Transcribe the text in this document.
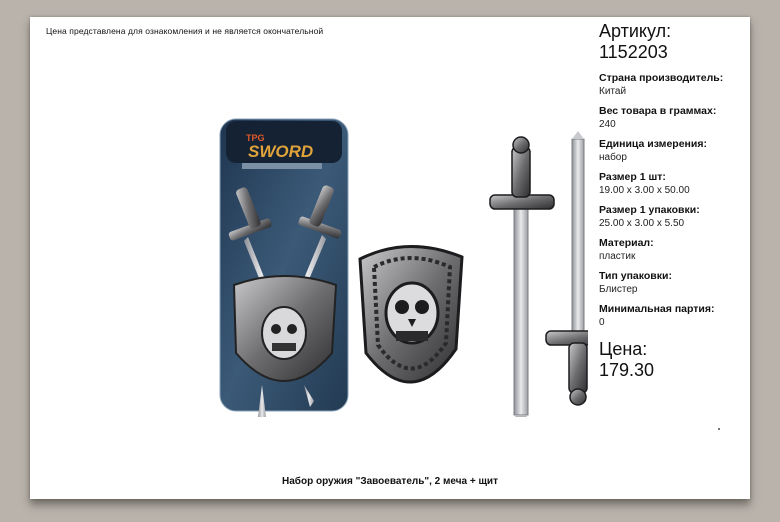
Цена представлена для ознакомления и не является окончательной
SWORD
TPG
Артикул:
1152203
Страна производитель:
Китай
Вес товара в граммах:
240
Единица измерения:
набор
Размер 1 шт:
19.00 x 3.00 x 50.00
Размер 1 упаковки:
25.00 x 3.00 x 5.50
Материал:
пластик
Тип упаковки:
Блистер
Минимальная партия:
0
Цена:
179.30
Набор оружия "Завоеватель", 2 меча + щит
